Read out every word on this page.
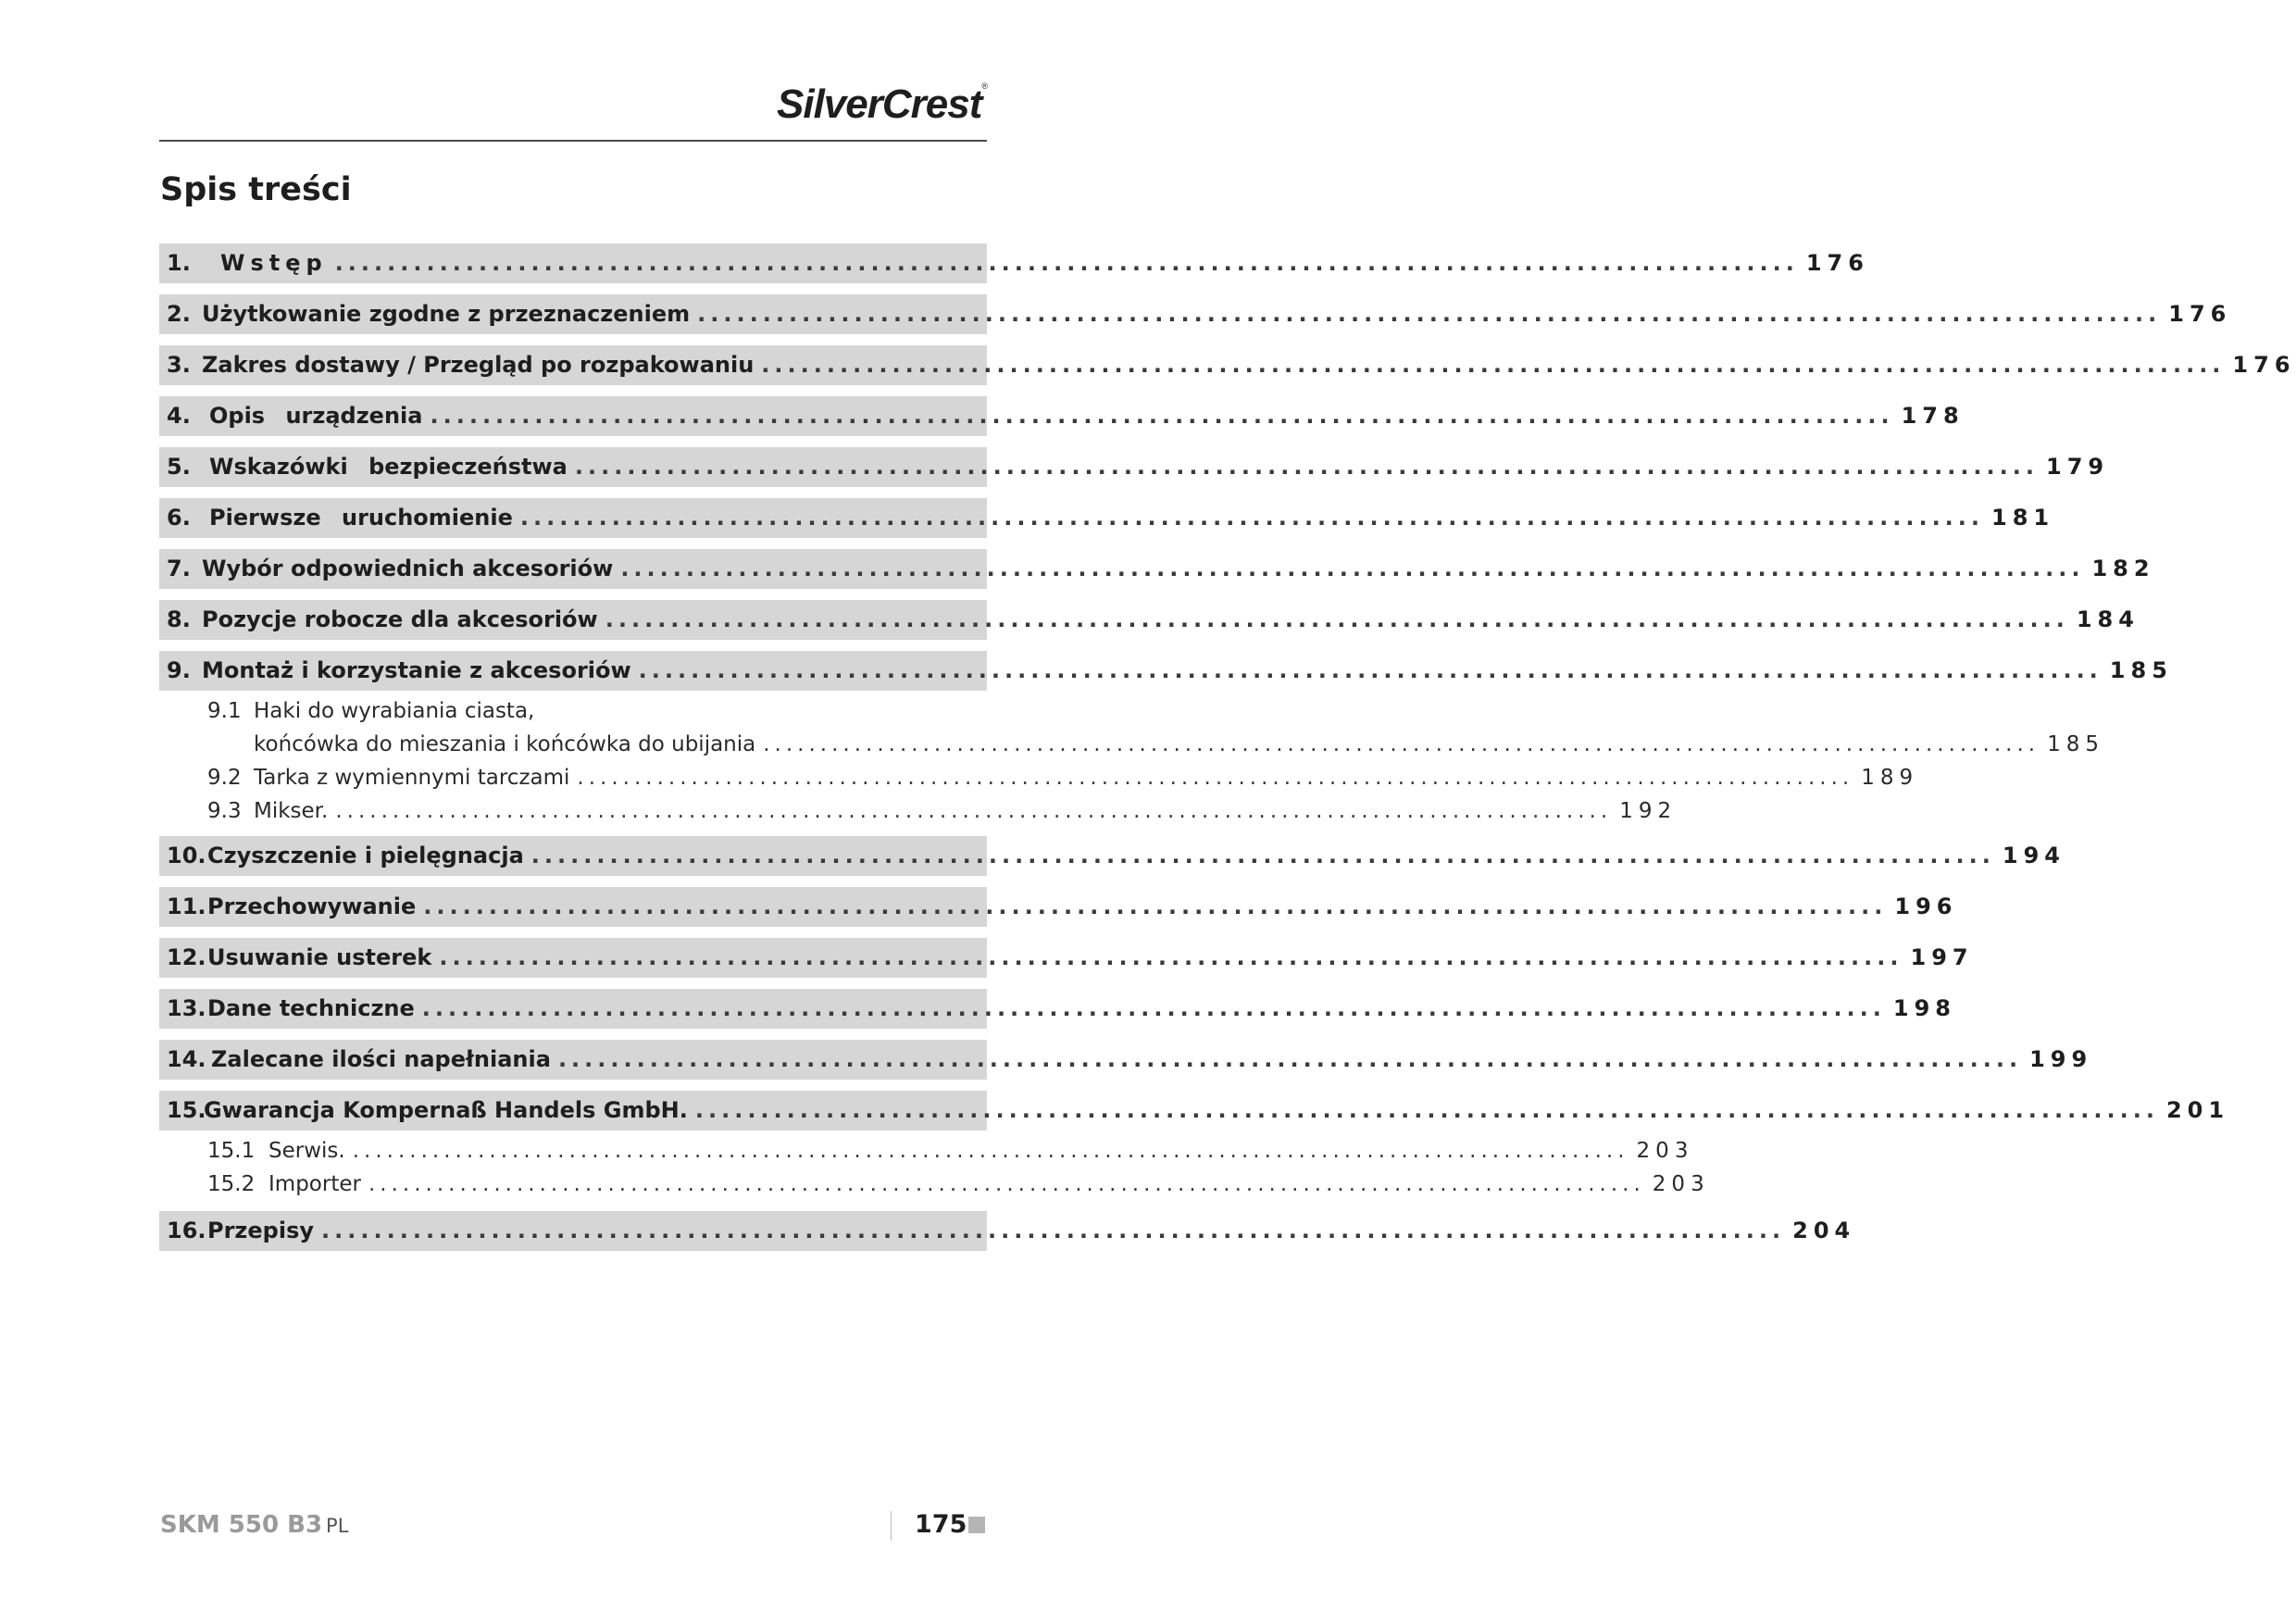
SilverCrest®
Spis treści
1.	Wstęp ................................................................................................................ 176
2. Użytkowanie zgodne z przeznaczeniem ................................................................................................................ 176
3. Zakres dostawy / Przegląd po rozpakowaniu ................................................................................................................ 176
4. Opis urządzenia ................................................................................................................ 178
5. Wskazówki bezpieczeństwa ................................................................................................................ 179
6. Pierwsze uruchomienie ................................................................................................................ 181
7. Wybór odpowiednich akcesoriów ................................................................................................................ 182
8. Pozycje robocze dla akcesoriów ................................................................................................................ 184
9. Montaż i korzystanie z akcesoriów ................................................................................................................ 185
9.1 Haki do wyrabiania ciasta,
końcówka do mieszania i końcówka do ubijania ................................................................................................................ 185
9.2 Tarka z wymiennymi tarczami ................................................................................................................ 189
9.3 Mikser. ................................................................................................................ 192
10. Czyszczenie i pielęgnacja ................................................................................................................ 194
11. Przechowywanie ................................................................................................................ 196
12. Usuwanie usterek ................................................................................................................ 197
13. Dane techniczne ................................................................................................................ 198
14. Zalecane ilości napełniania ................................................................................................................ 199
15.
Gwarancja Kompernaß Handels GmbH. ................................................................................................................ 201
15.1 Serwis. ................................................................................................................ 203
15.2 Importer ................................................................................................................ 203
16. Przepisy ................................................................................................................ 204
SKM 550 B3 PL	175
